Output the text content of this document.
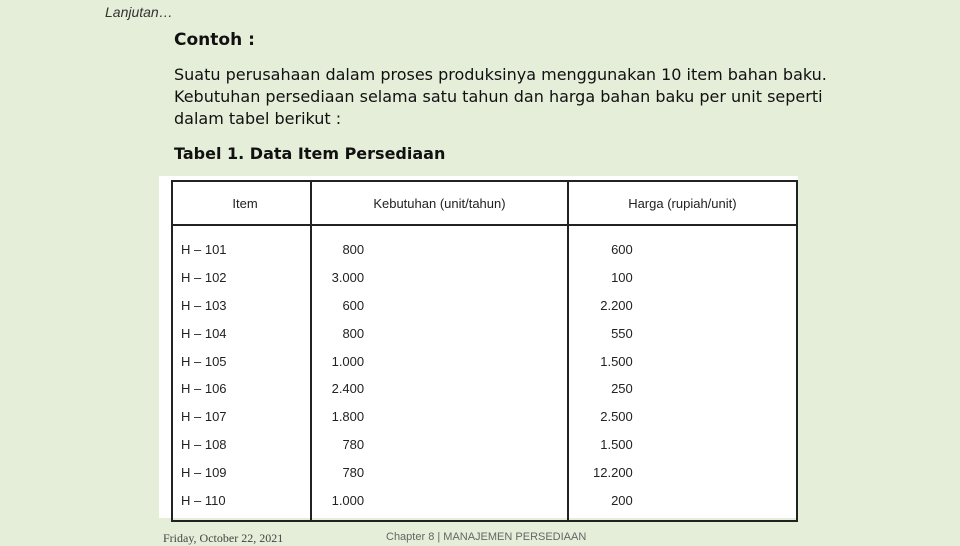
Lanjutan…
Contoh :
Suatu perusahaan dalam proses produksinya menggunakan 10 item bahan baku. Kebutuhan persediaan selama satu tahun dan harga bahan baku per unit seperti dalam tabel berikut :
Tabel 1. Data Item Persediaan
Item	Kebutuhan (unit/tahun)	Harga (rupiah/unit)
H – 101	800	600
H – 102	3.000	100
H – 103	600	2.200
H – 104	800	550
H – 105	1.000	1.500
H – 106	2.400	250
H – 107	1.800	2.500
H – 108	780	1.500
H – 109	780	12.200
H – 110	1.000	200
Friday, October 22, 2021	Chapter 8 | MANAJEMEN PERSEDIAAN
